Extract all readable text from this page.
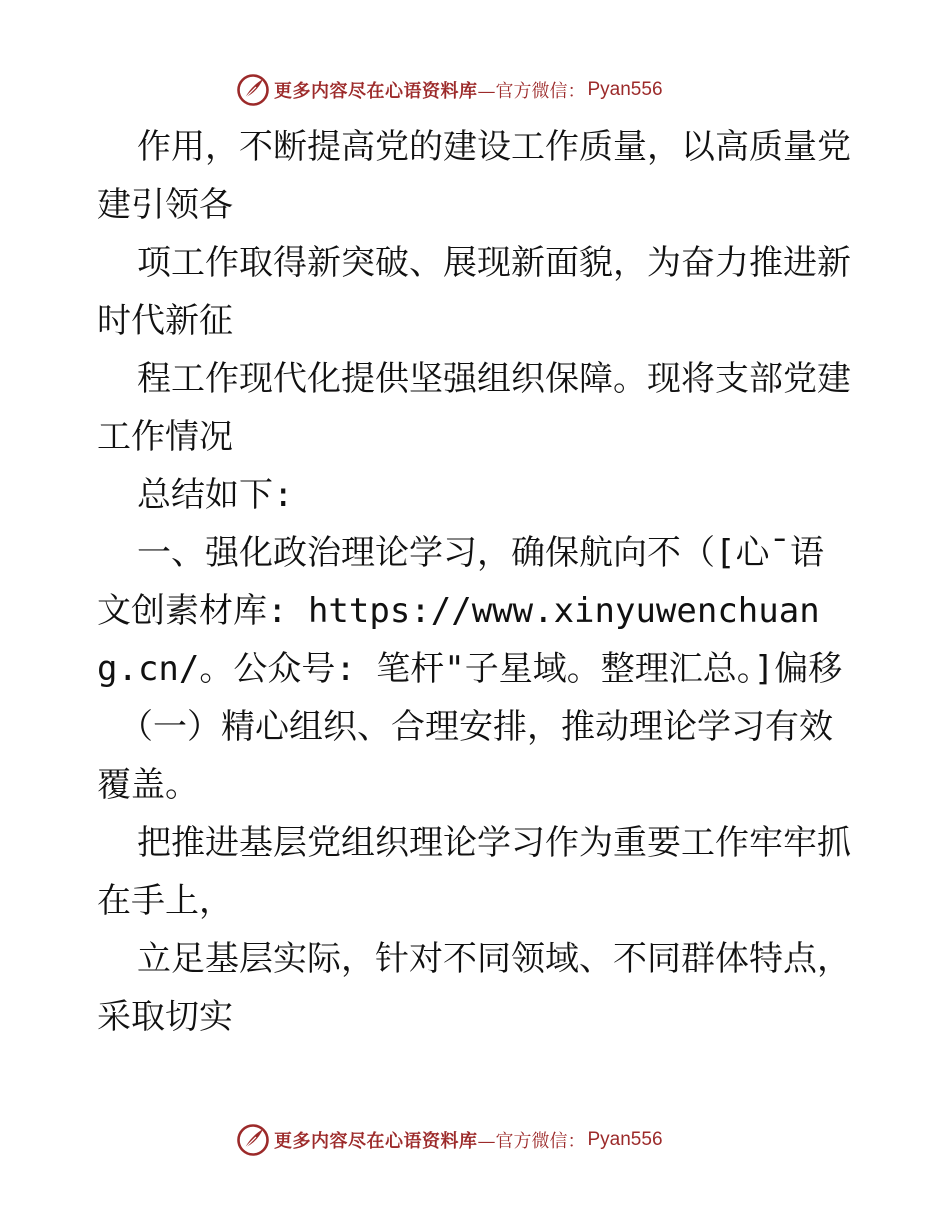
更多内容尽在心语资料库 —官方微信： Pyan556

作用，不断提高党的建设工作质量，以高质量党建引领各

项工作取得新突破、展现新面貌，为奋力推进新时代新征

程工作现代化提供坚强组织保障。现将支部党建工作情况

总结如下:

一、强化政治理论学习，确保航向不（[心¯语文创素材库: https://www.xinyuwenchuang.cn/。公众号: 笔杆"子星域。整理汇总。]偏移

（一）精心组织、合理安排，推动理论学习有效覆盖。

把推进基层党组织理论学习作为重要工作牢牢抓在手上，

立足基层实际，针对不同领域、不同群体特点，采取切实

更多内容尽在心语资料库 —官方微信： Pyan556
